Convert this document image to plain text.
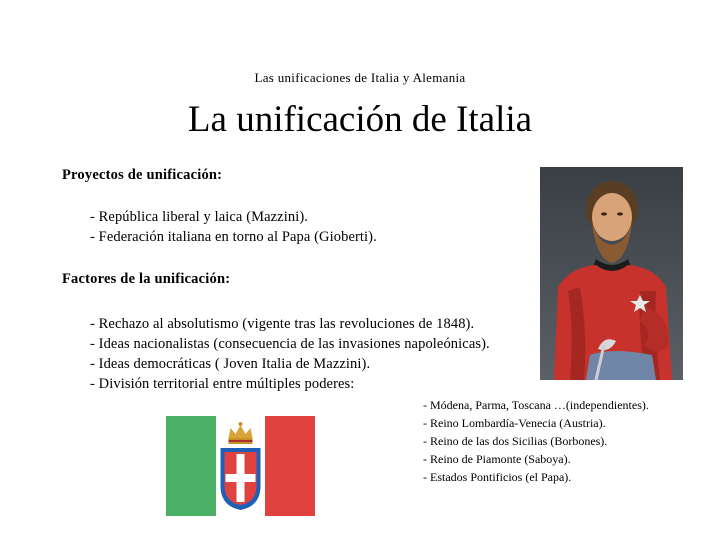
Las unificaciones de Italia y Alemania
La unificación de Italia
Proyectos de unificación:
- República liberal y laica (Mazzini).
- Federación italiana en torno al Papa (Gioberti).
Factores de la unificación:
- Rechazo al absolutismo (vigente tras las revoluciones de 1848).
- Ideas nacionalistas (consecuencia de las invasiones napoleónicas).
- Ideas democráticas ( Joven Italia de Mazzini).
- División territorial entre múltiples poderes:
- Módena, Parma, Toscana …(independientes).
- Reino Lombardía-Venecia (Austria).
- Reino de las dos Sicilias (Borbones).
- Reino de Piamonte (Saboya).
- Estados Pontificios (el Papa).
